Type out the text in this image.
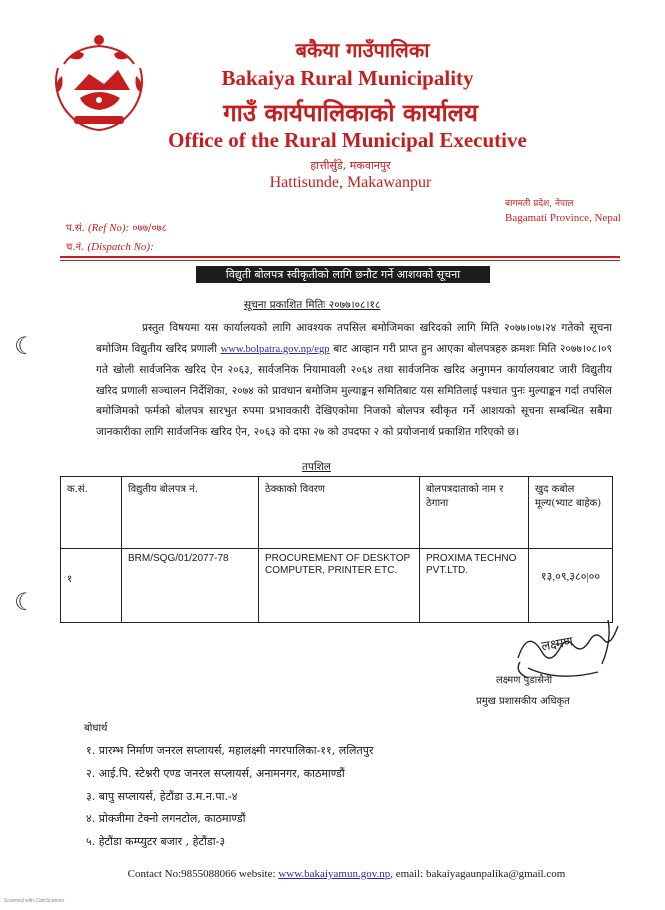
बकैया गाउँपालिका
Bakaiya Rural Municipality
गाउँ कार्यपालिकाको कार्यालय
Office of the Rural Municipal Executive
हात्तीसुँडे, मकवानपुर
Hattisunde, Makawanpur
बागमती प्रदेश, नेपाल
Bagamati Province, Nepal
प.सं. (Ref No): ०७७/०७८
च.नं. (Dispatch No):
विद्युती बोलपत्र स्वीकृतीको लागि छनौट गर्ने आशयको सूचना
सूचना प्रकाशित मितिः २०७७।०८।१८
प्रस्तुत विषयमा यस कार्यालयको लागि आवश्यक तपसिल बमोजिमका खरिदको लागि मिति २०७७।०७।२४ गतेको सूचना बमोजिम विद्युतीय खरिद प्रणाली www.bolpatra.gov.np/egp बाट आव्हान गरी प्राप्त हुन आएका बोलपत्रहरु क्रमशः मिति २०७७।०८।०९ गते खोली सार्वजनिक खरिद ऐन २०६३, सार्वजनिक नियामावली २०६४ तथा सार्वजनिक खरिद अनुगमन कार्यालयबाट जारी विद्युतीय खरिद प्रणाली सञ्चालन निर्देशिका, २०७४ को प्रावधान बमोजिम मुल्याङ्कन समितिबाट यस समितिलाई पश्चात पुनः मुल्याङ्कन गर्दा तपसिल बमोजिमको फर्मको बोलपत्र सारभुत रुपमा प्रभावकारी देखिएकोमा निजको बोलपत्र स्वीकृत गर्ने आशयको सूचना सम्बन्धित सबैमा जानकारीका लागि सार्वजनिक खरिद ऐन, २०६३ को दफा २७ को उपदफा २ को प्रयोजनार्थ प्रकाशित गरिएको छ।
तपशिल
क.सं.	विद्युतीय बोलपत्र नं.	ठेक्काको विवरण	बोलपत्रदाताको नाम र ठेगाना	खुद कबोल मूल्य(भ्याट बाहेक)
१	BRM/SQG/01/2077-78	PROCUREMENT OF DESKTOP COMPUTER, PRINTER ETC.	PROXIMA TECHNO PVT.LTD.	१३,०९,३८०|००
लक्ष्मण
लक्ष्मण पुडासैनी
प्रमुख प्रशासकीय अधिकृत
बोधार्थ
१. प्रारम्भ निर्माण जनरल सप्लायर्स, महालक्ष्मी नगरपालिका-११, ललितपुर
२. आई.पि. स्टेश्नरी एण्ड जनरल सप्लायर्स, अनामनगर, काठमाण्डौं
३. बापु सप्लायर्स, हेटौंडा उ.म.न.पा.-४
४. प्रोक्जीमा टेक्नो लगनटोल, काठमाण्डौं
५. हेटौंडा कम्प्युटर बजार , हेटौंडा-३
☾
☾
Contact No:9855088066 website: www.bakaiyamun.gov.np, email: bakaiyagaunpalika@gmail.com
Scanned with CamScanner
